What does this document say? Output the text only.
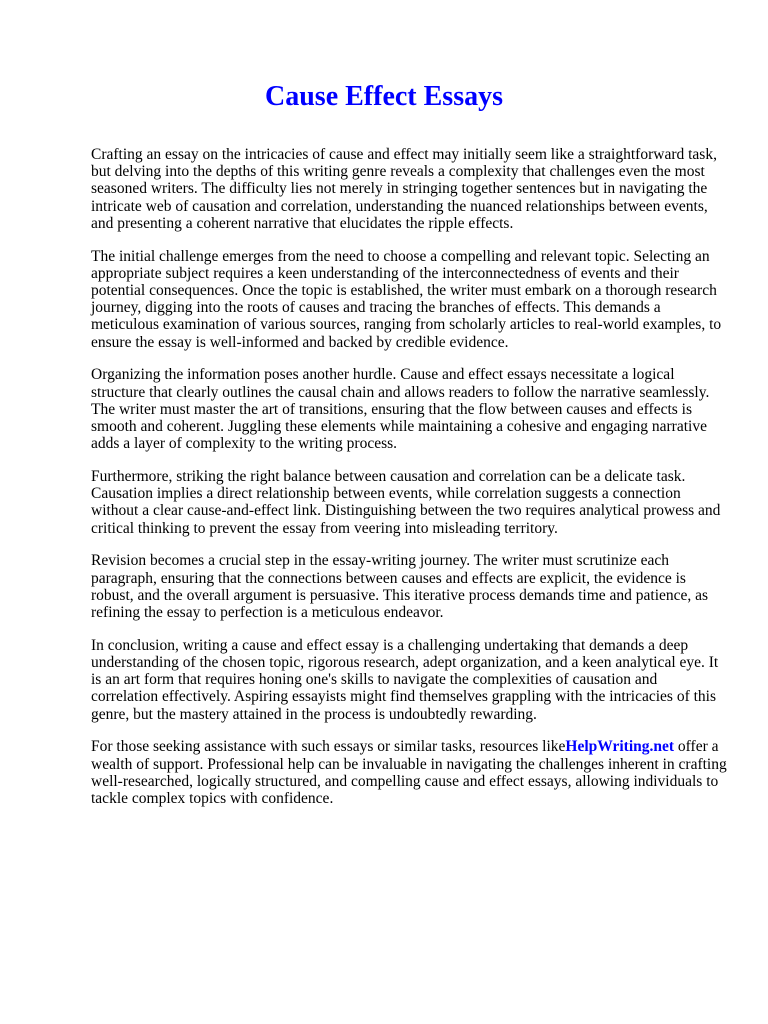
Cause Effect Essays

Crafting an essay on the intricacies of cause and effect may initially seem like a straightforward task, but delving into the depths of this writing genre reveals a complexity that challenges even the most seasoned writers. The difficulty lies not merely in stringing together sentences but in navigating the intricate web of causation and correlation, understanding the nuanced relationships between events, and presenting a coherent narrative that elucidates the ripple effects.

The initial challenge emerges from the need to choose a compelling and relevant topic. Selecting an appropriate subject requires a keen understanding of the interconnectedness of events and their potential consequences. Once the topic is established, the writer must embark on a thorough research journey, digging into the roots of causes and tracing the branches of effects. This demands a meticulous examination of various sources, ranging from scholarly articles to real-world examples, to ensure the essay is well-informed and backed by credible evidence.

Organizing the information poses another hurdle. Cause and effect essays necessitate a logical structure that clearly outlines the causal chain and allows readers to follow the narrative seamlessly. The writer must master the art of transitions, ensuring that the flow between causes and effects is smooth and coherent. Juggling these elements while maintaining a cohesive and engaging narrative adds a layer of complexity to the writing process.

Furthermore, striking the right balance between causation and correlation can be a delicate task. Causation implies a direct relationship between events, while correlation suggests a connection without a clear cause-and-effect link. Distinguishing between the two requires analytical prowess and critical thinking to prevent the essay from veering into misleading territory.

Revision becomes a crucial step in the essay-writing journey. The writer must scrutinize each paragraph, ensuring that the connections between causes and effects are explicit, the evidence is robust, and the overall argument is persuasive. This iterative process demands time and patience, as refining the essay to perfection is a meticulous endeavor.

In conclusion, writing a cause and effect essay is a challenging undertaking that demands a deep understanding of the chosen topic, rigorous research, adept organization, and a keen analytical eye. It is an art form that requires honing one's skills to navigate the complexities of causation and correlation effectively. Aspiring essayists might find themselves grappling with the intricacies of this genre, but the mastery attained in the process is undoubtedly rewarding.

For those seeking assistance with such essays or similar tasks, resources likeHelpWriting.net offer a wealth of support. Professional help can be invaluable in navigating the challenges inherent in crafting well-researched, logically structured, and compelling cause and effect essays, allowing individuals to tackle complex topics with confidence.
